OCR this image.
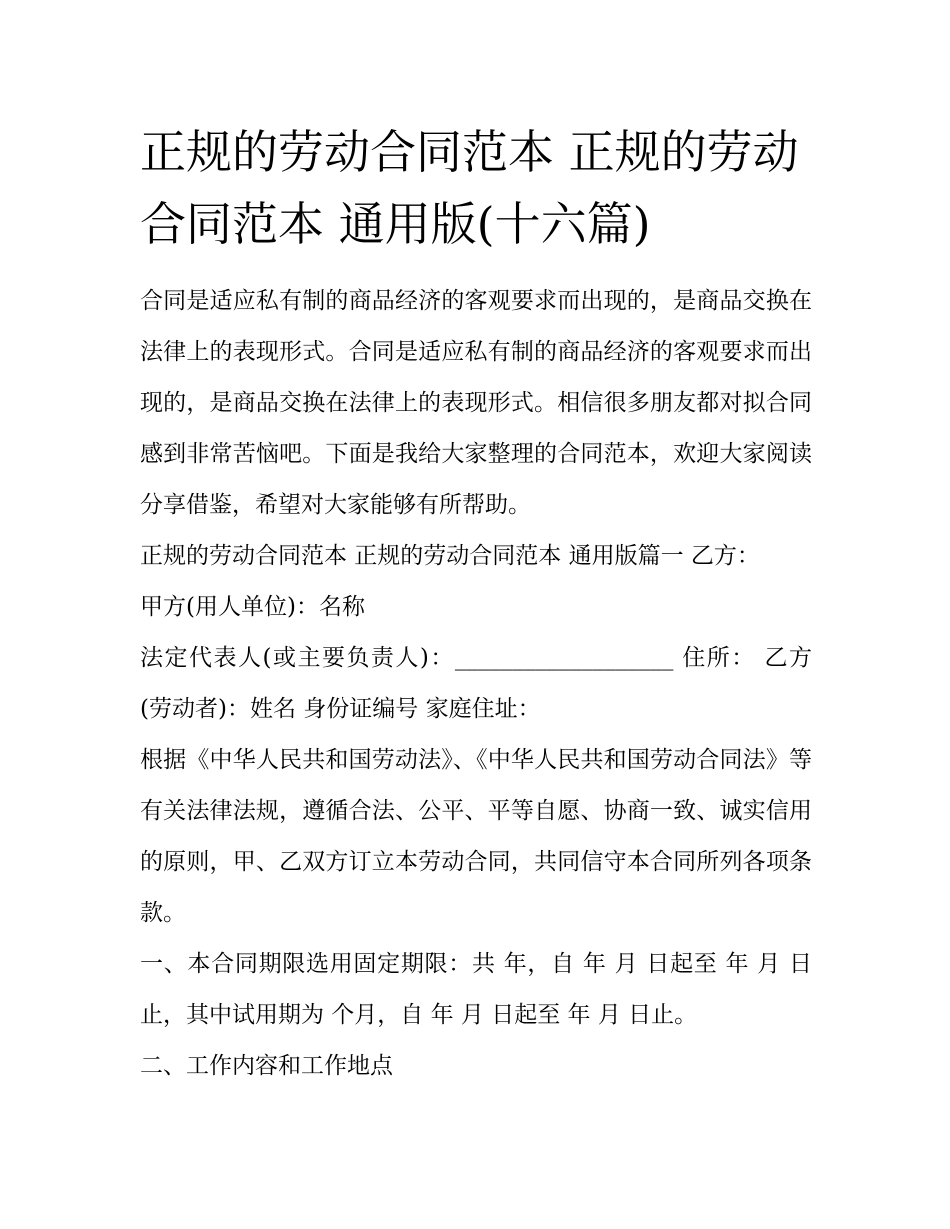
正规的劳动合同范本 正规的劳动合同范本 通用版(十六篇)

合同是适应私有制的商品经济的客观要求而出现的，是商品交换在法律上的表现形式。合同是适应私有制的商品经济的客观要求而出现的，是商品交换在法律上的表现形式。相信很多朋友都对拟合同感到非常苦恼吧。下面是我给大家整理的合同范本，欢迎大家阅读分享借鉴，希望对大家能够有所帮助。

正规的劳动合同范本 正规的劳动合同范本 通用版篇一 乙方：

甲方(用人单位)：名称

法定代表人(或主要负责人)：___________________ 住所： 乙方(劳动者)：姓名 身份证编号 家庭住址：

根据《中华人民共和国劳动法》、《中华人民共和国劳动合同法》等有关法律法规，遵循合法、公平、平等自愿、协商一致、诚实信用的原则，甲、乙双方订立本劳动合同，共同信守本合同所列各项条款。

一、本合同期限选用固定期限：共 年，自 年 月 日起至 年 月 日止，其中试用期为 个月，自 年 月 日起至 年 月 日止。

二、工作内容和工作地点
